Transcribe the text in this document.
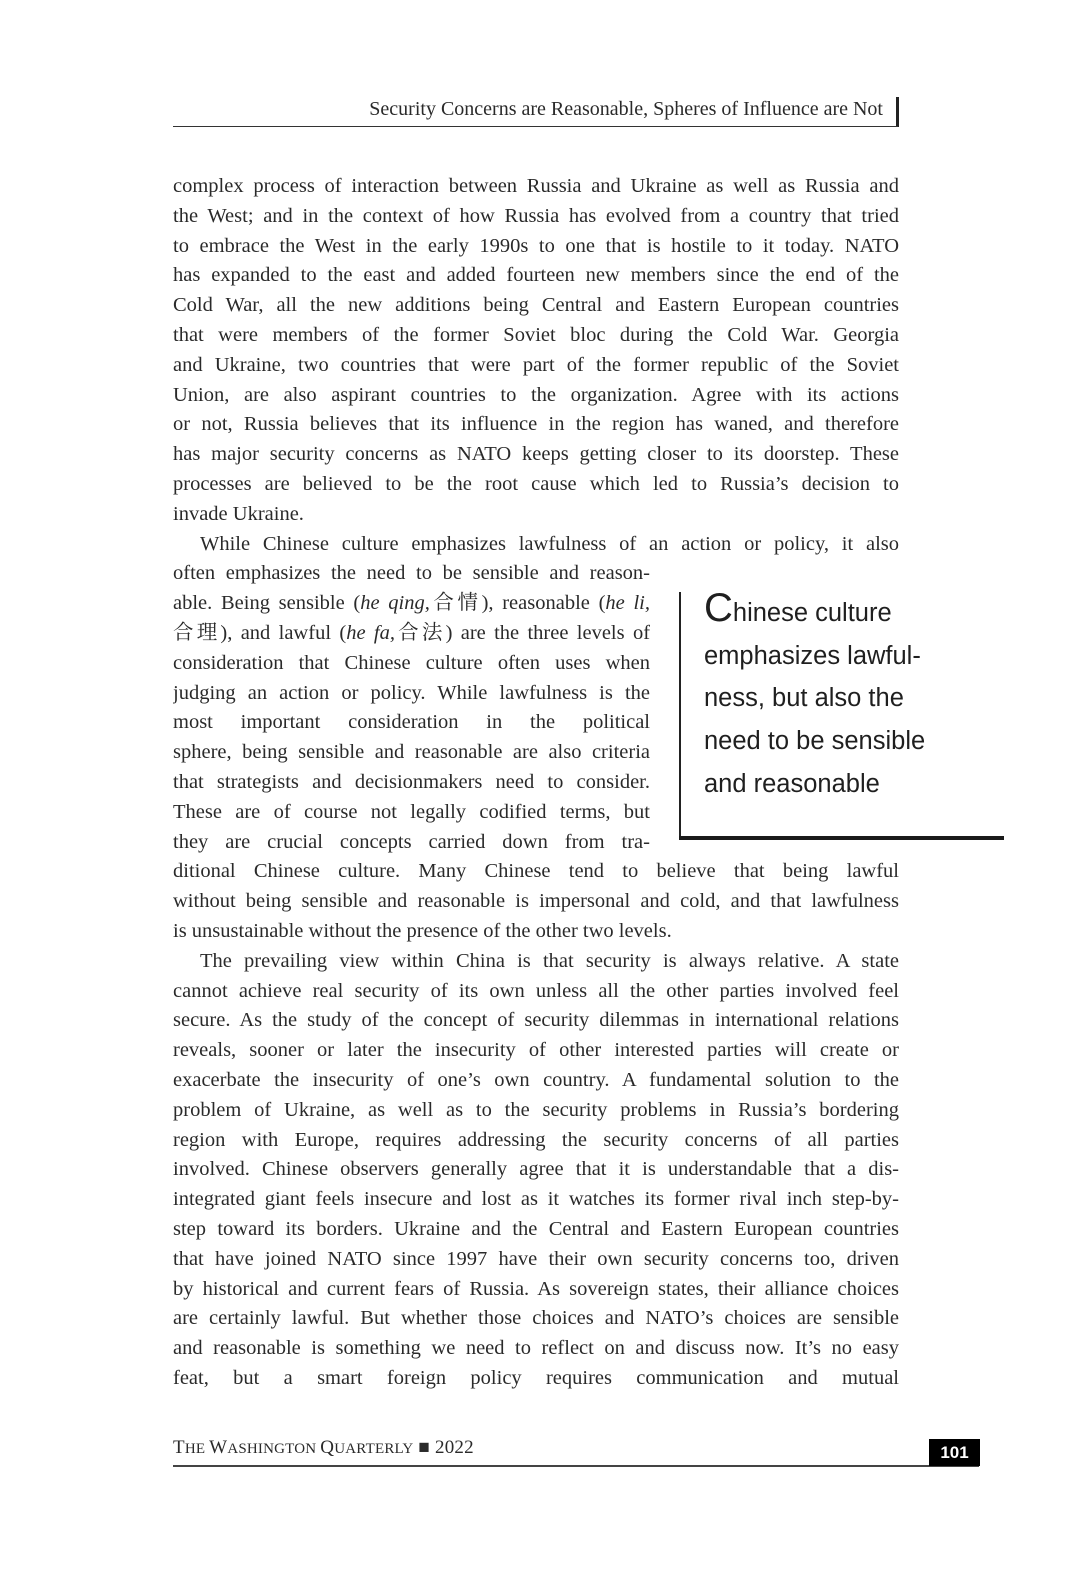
Security Concerns are Reasonable, Spheres of Influence are Not
complex process of interaction between Russia and Ukraine as well as Russia and
the West; and in the context of how Russia has evolved from a country that tried
to embrace the West in the early 1990s to one that is hostile to it today. NATO
has expanded to the east and added fourteen new members since the end of the
Cold War, all the new additions being Central and Eastern European countries
that were members of the former Soviet bloc during the Cold War. Georgia
and Ukraine, two countries that were part of the former republic of the Soviet
Union, are also aspirant countries to the organization. Agree with its actions
or not, Russia believes that its influence in the region has waned, and therefore
has major security concerns as NATO keeps getting closer to its doorstep. These
processes are believed to be the root cause which led to Russia’s decision to
invade Ukraine.
While Chinese culture emphasizes lawfulness of an action or policy, it also
often emphasizes the need to be sensible and reason-
able. Being sensible (he qing,合情), reasonable (he li,
合理), and lawful (he fa,合法) are the three levels of
consideration that Chinese culture often uses when
judging an action or policy. While lawfulness is the
most important consideration in the political
sphere, being sensible and reasonable are also criteria
that strategists and decisionmakers need to consider.
These are of course not legally codified terms, but
they are crucial concepts carried down from tra-
ditional Chinese culture. Many Chinese tend to believe that being lawful
without being sensible and reasonable is impersonal and cold, and that lawfulness
is unsustainable without the presence of the other two levels.
The prevailing view within China is that security is always relative. A state
cannot achieve real security of its own unless all the other parties involved feel
secure. As the study of the concept of security dilemmas in international relations
reveals, sooner or later the insecurity of other interested parties will create or
exacerbate the insecurity of one’s own country. A fundamental solution to the
problem of Ukraine, as well as to the security problems in Russia’s bordering
region with Europe, requires addressing the security concerns of all parties
involved. Chinese observers generally agree that it is understandable that a dis-
integrated giant feels insecure and lost as it watches its former rival inch step-by-
step toward its borders. Ukraine and the Central and Eastern European countries
that have joined NATO since 1997 have their own security concerns too, driven
by historical and current fears of Russia. As sovereign states, their alliance choices
are certainly lawful. But whether those choices and NATO’s choices are sensible
and reasonable is something we need to reflect on and discuss now. It’s no easy
feat, but a smart foreign policy requires communication and mutual
Chinese culture
emphasizes lawful-
ness, but also the
need to be sensible
and reasonable
THE WASHINGTON QUARTERLY ■ 2022	101
